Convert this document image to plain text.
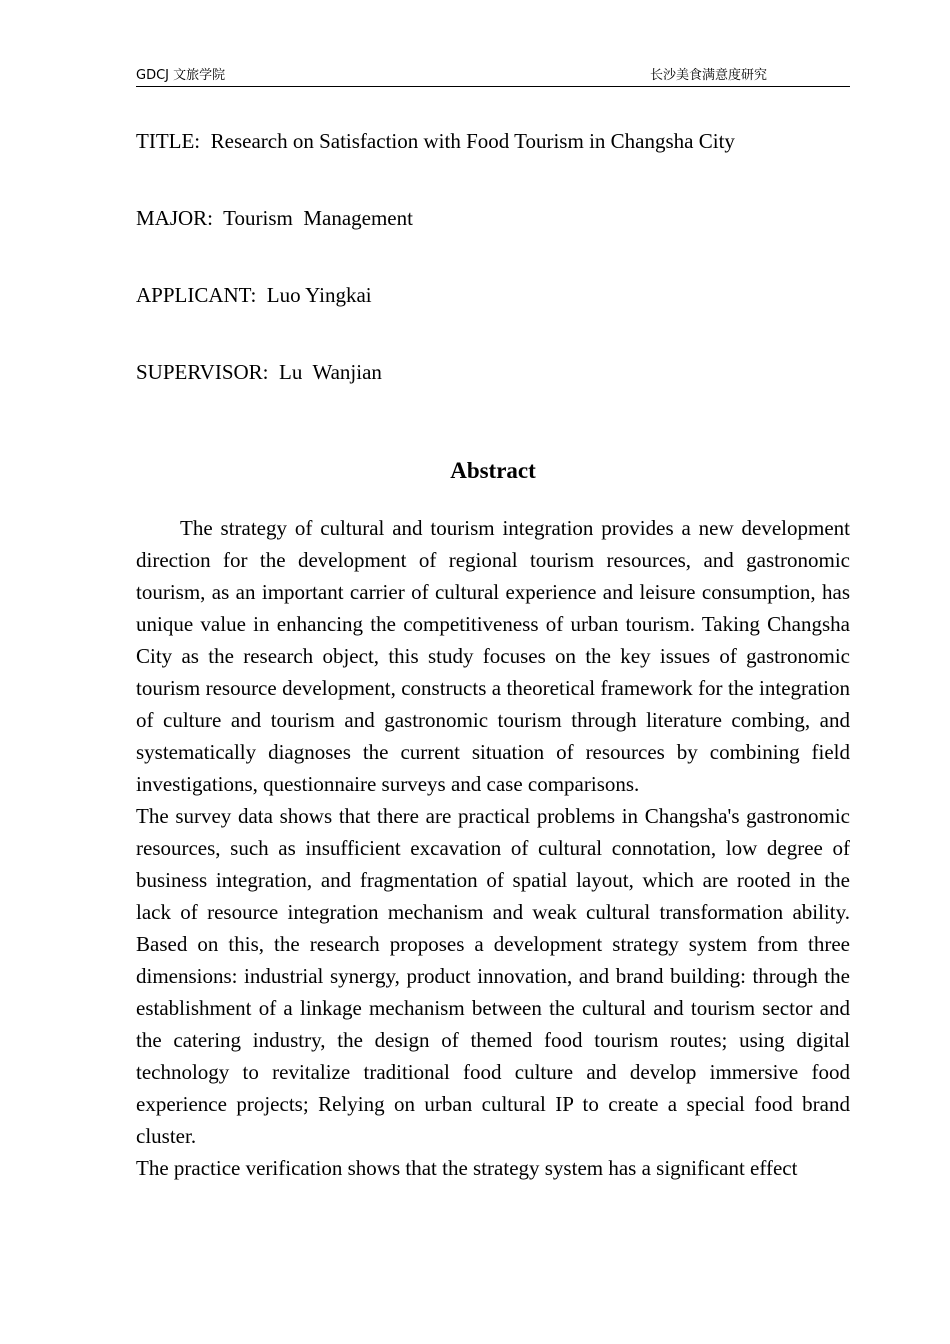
GDCJ 文旅学院	长沙美食满意度研究
TITLE:  Research on Satisfaction with Food Tourism in Changsha City
MAJOR:  Tourism  Management
APPLICANT:  Luo Yingkai
SUPERVISOR:  Lu  Wanjian
Abstract

The strategy of cultural and tourism integration provides a new development direction for the development of regional tourism resources, and gastronomic tourism, as an important carrier of cultural experience and leisure consumption, has unique value in enhancing the competitiveness of urban tourism. Taking Changsha City as the research object, this study focuses on the key issues of gastronomic tourism resource development, constructs a theoretical framework for the integration of culture and tourism and gastronomic tourism through literature combing, and systematically diagnoses the current situation of resources by combining field investigations, questionnaire surveys and case comparisons.

The survey data shows that there are practical problems in Changsha's gastronomic resources, such as insufficient excavation of cultural connotation, low degree of business integration, and fragmentation of spatial layout, which are rooted in the lack of resource integration mechanism and weak cultural transformation ability. Based on this, the research proposes a development strategy system from three dimensions: industrial synergy, product innovation, and brand building: through the establishment of a linkage mechanism between the cultural and tourism sector and the catering industry, the design of themed food tourism routes; using digital technology to revitalize traditional food culture and develop immersive food experience projects; Relying on urban cultural IP to create a special food brand cluster.

The practice verification shows that the strategy system has a significant effect
